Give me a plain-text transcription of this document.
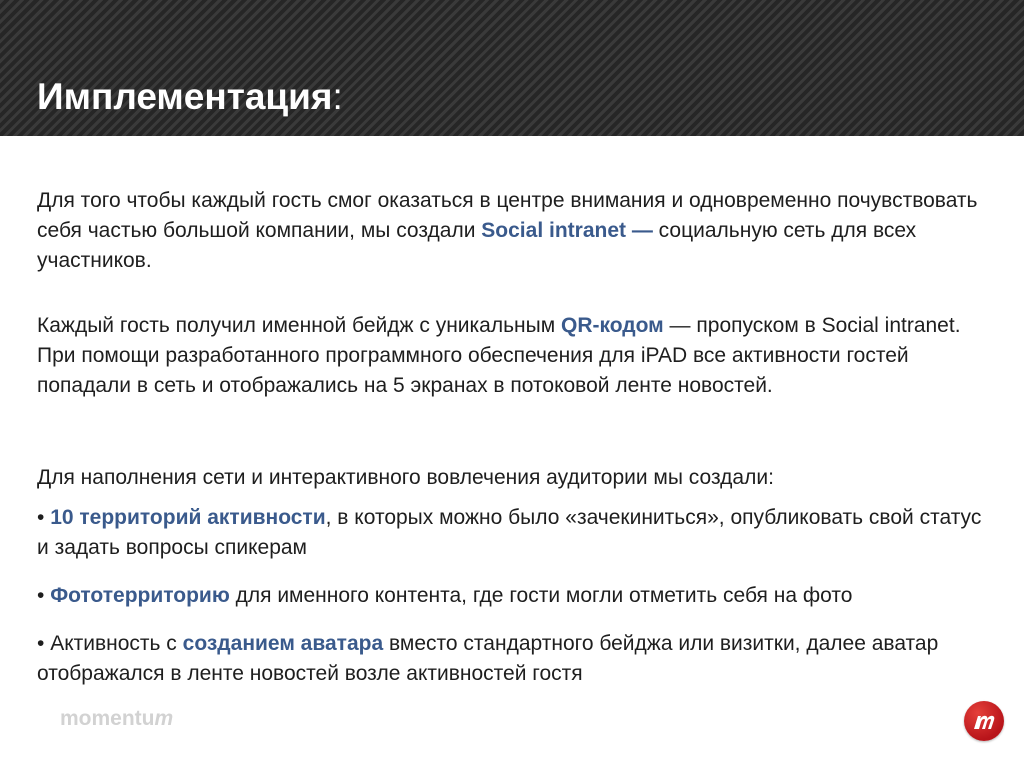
Имплементация:

Для того чтобы каждый гость смог оказаться в центре внимания и одновременно почувствовать себя частью большой компании, мы создали Social intranet — социальную сеть для всех участников.

Каждый гость получил именной бейдж с уникальным QR-кодом — пропуском в Social intranet. При помощи разработанного программного обеспечения для iPAD все активности гостей попадали в сеть и отображались на 5 экранах в потоковой ленте новостей.

Для наполнения сети и интерактивного вовлечения аудитории мы создали:

• 10 территорий активности, в которых можно было «зачекиниться», опубликовать свой статус и задать вопросы спикерам

• Фототерриторию для именного контента, где гости могли отметить себя на фото

• Активность с созданием аватара вместо стандартного бейджа или визитки, далее аватар отображался в ленте новостей возле активностей гостя

momentum
